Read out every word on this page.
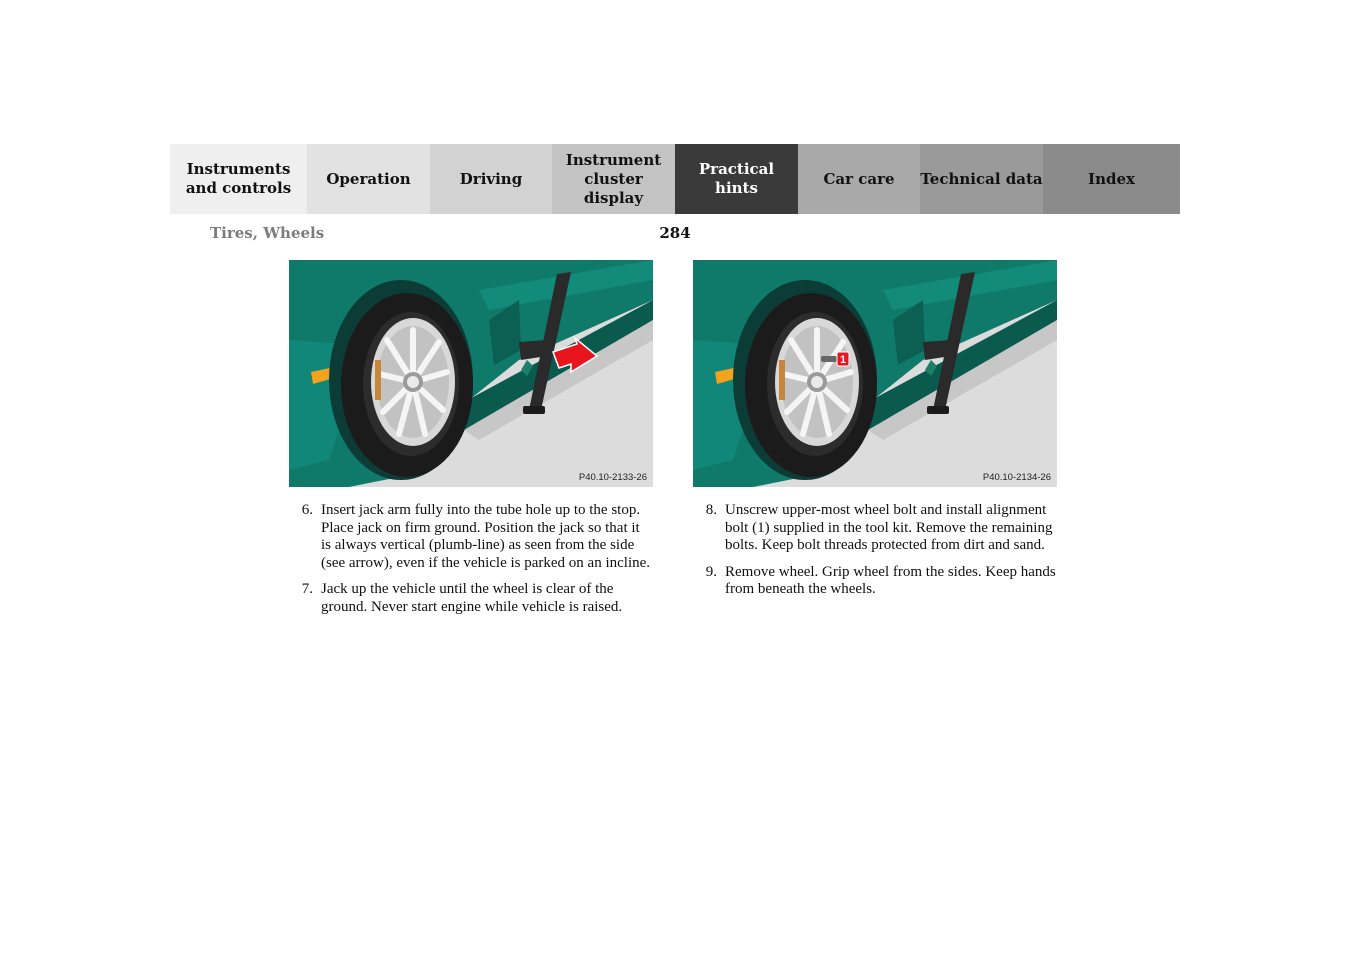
Instruments and controls
Operation	Driving
Instrument cluster display
Practical hints
Car care	Technical data	Index
Tires, Wheels	284
P40.10-2133-26
1
P40.10-2134-26
6. Insert jack arm fully into the tube hole up to the stop. Place jack on firm ground. Position the jack so that it is always vertical (plumb-line) as seen from the side (see arrow), even if the vehicle is parked on an incline.
7. Jack up the vehicle until the wheel is clear of the ground. Never start engine while vehicle is raised.
8. Unscrew upper-most wheel bolt and install alignment bolt (1) supplied in the tool kit. Remove the remaining bolts. Keep bolt threads protected from dirt and sand.
9. Remove wheel. Grip wheel from the sides. Keep hands from beneath the wheels.
